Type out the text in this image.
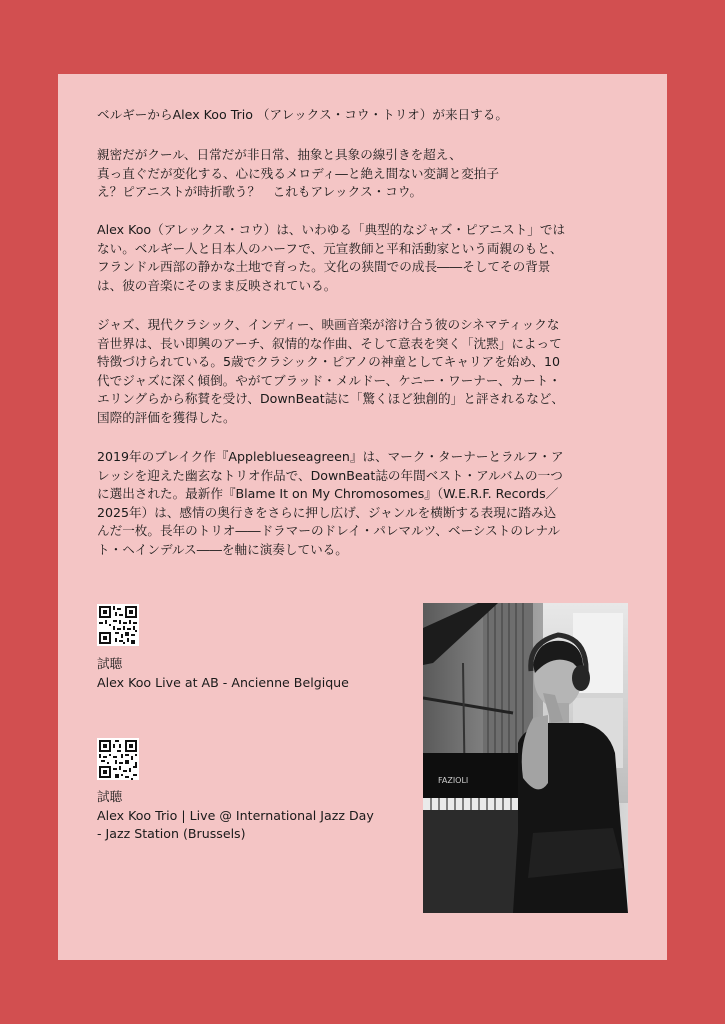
ベルギーからAlex Koo Trio （アレックス・コウ・トリオ）が来日する。

親密だがクール、日常だが非日常、抽象と具象の線引きを超え、
真っ直ぐだが変化する、心に残るメロディ―と絶え間ない変調と変拍子
え？ピアニストが時折歌う？　これもアレックス・コウ。

Alex Koo（アレックス・コウ）は、いわゆる「典型的なジャズ・ピアニスト」では
ない。ベルギー人と日本人のハーフで、元宣教師と平和活動家という両親のもと、
フランドル西部の静かな土地で育った。文化の狭間での成長――そしてその背景
は、彼の音楽にそのまま反映されている。

ジャズ、現代クラシック、インディー、映画音楽が溶け合う彼のシネマティックな
音世界は、長い即興のアーチ、叙情的な作曲、そして意表を突く「沈黙」によって
特徴づけられている。5歳でクラシック・ピアノの神童としてキャリアを始め、10
代でジャズに深く傾倒。やがてブラッド・メルドー、ケニー・ワーナー、カート・
エリングらから称賛を受け、DownBeat誌に「驚くほど独創的」と評されるなど、
国際的評価を獲得した。

2019年のブレイク作『Appleblueseagreen』は、マーク・ターナーとラルフ・ア
レッシを迎えた幽玄なトリオ作品で、DownBeat誌の年間ベスト・アルバムの一つ
に選出された。最新作『Blame It on My Chromosomes』（W.E.R.F. Records／
2025年）は、感情の奥行きをさらに押し広げ、ジャンルを横断する表現に踏み込
んだ一枚。長年のトリオ――ドラマーのドレイ・パレマルツ、ベーシストのレナル
ト・ヘインデルス――を軸に演奏している。

試聴
Alex Koo Live at AB - Ancienne Belgique

試聴
Alex Koo Trio | Live @ International Jazz Day
- Jazz Station (Brussels)

FAZIOLI
